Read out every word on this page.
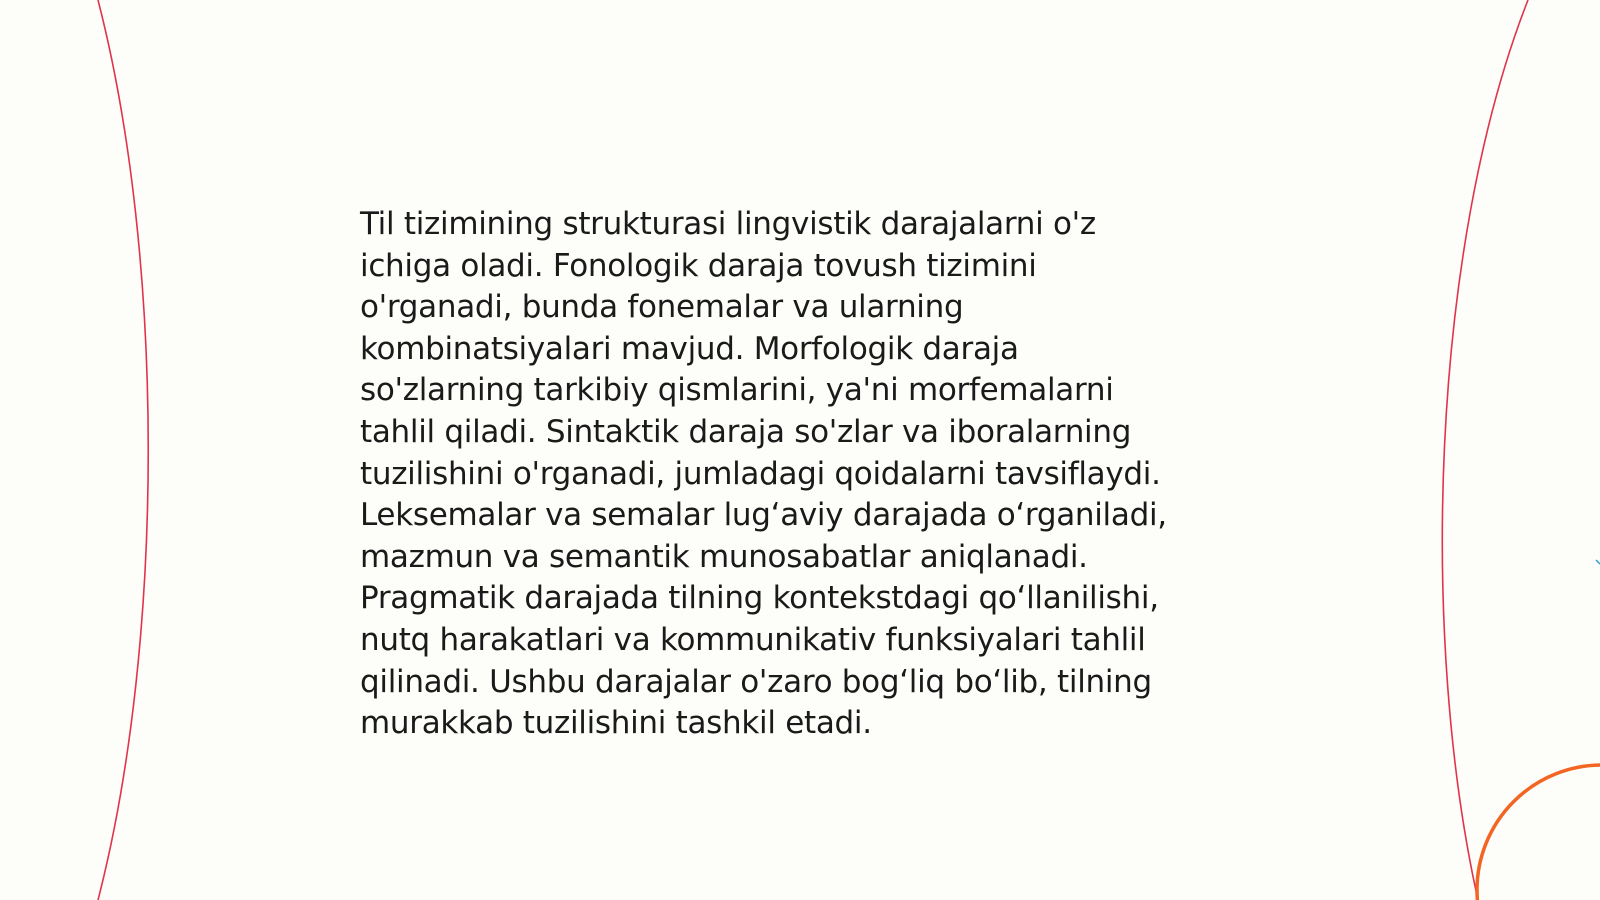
Til tizimining strukturasi lingvistik darajalarni o'z
ichiga oladi. Fonologik daraja tovush tizimini
o'rganadi, bunda fonemalar va ularning
kombinatsiyalari mavjud. Morfologik daraja
so'zlarning tarkibiy qismlarini, ya'ni morfemalarni
tahlil qiladi. Sintaktik daraja so'zlar va iboralarning
tuzilishini o'rganadi, jumladagi qoidalarni tavsiflaydi.
Leksemalar va semalar lug‘aviy darajada o‘rganiladi,
mazmun va semantik munosabatlar aniqlanadi.
Pragmatik darajada tilning kontekstdagi qo‘llanilishi,
nutq harakatlari va kommunikativ funksiyalari tahlil
qilinadi. Ushbu darajalar o'zaro bog‘liq bo‘lib, tilning
murakkab tuzilishini tashkil etadi.
